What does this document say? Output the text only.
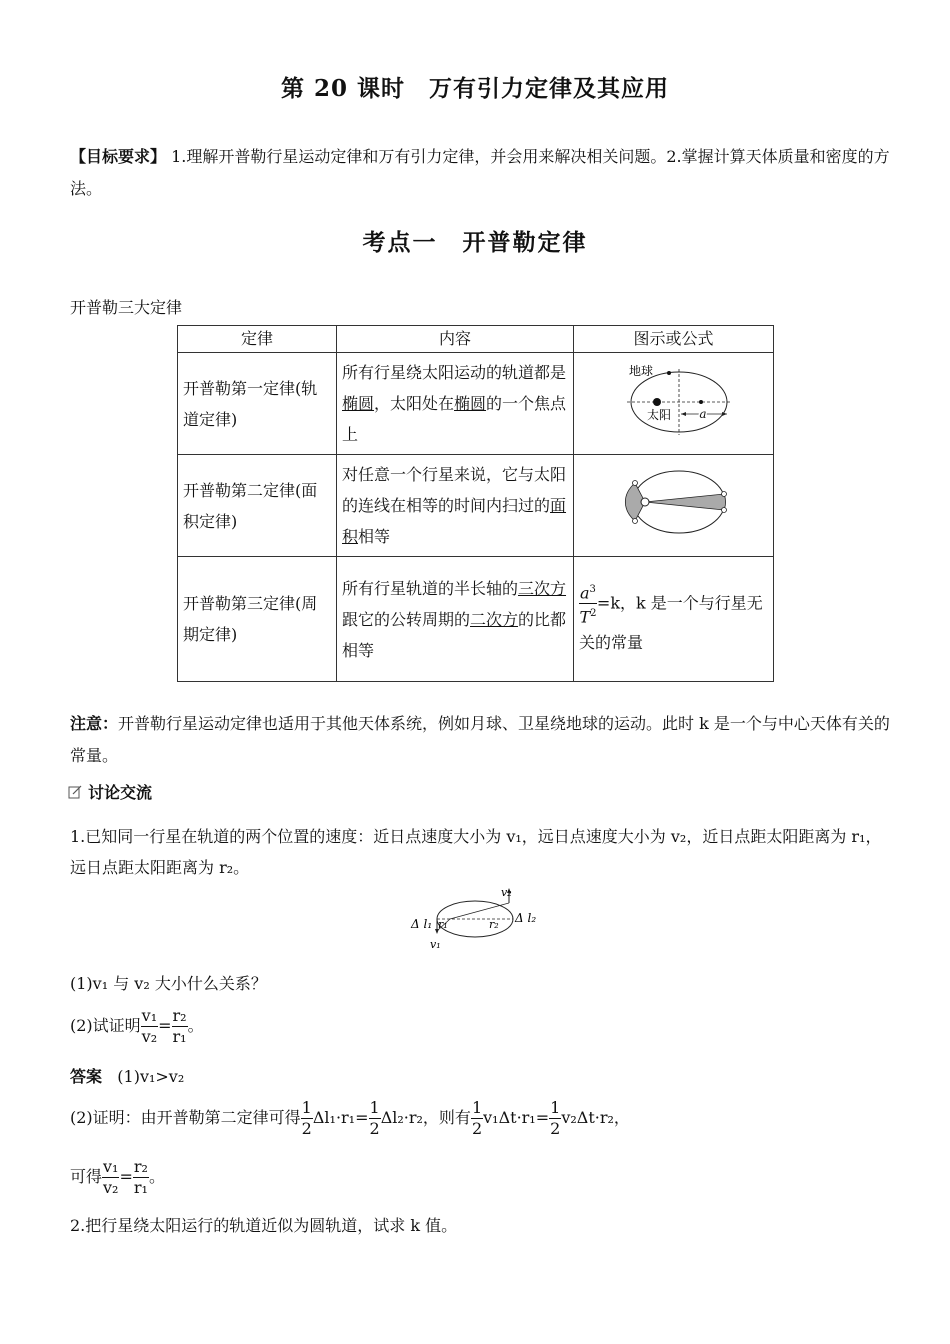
第 20 课时　万有引力定律及其应用
【目标要求】 1.理解开普勒行星运动定律和万有引力定律，并会用来解决相关问题。2.掌握计算天体质量和密度的方法。
考点一　开普勒定律
开普勒三大定律
定律	内容	图示或公式
开普勒第一定律(轨道定律)	所有行星绕太阳运动的轨道都是椭圆，太阳处在椭圆的一个焦点上	地球
太阳 a

开普勒第二定律(面积定律)	对任意一个行星来说，它与太阳的连线在相等的时间内扫过的面积相等	
开普勒第三定律(周期定律)	所有行星轨道的半长轴的三次方跟它的公转周期的二次方的比都相等	$\frac{a^3}{T^2} =k$，k 是一个与行星无关的常量
注意：开普勒行星运动定律也适用于其他天体系统，例如月球、卫星绕地球的运动。此时 k 是一个与中心天体有关的常量。
讨论交流
1.已知同一行星在轨道的两个位置的速度：近日点速度大小为 v₁，远日点速度大小为 v₂，近日点距太阳距离为 r₁，远日点距太阳距离为 r₂。
v₂
v₁
Δ l₁	Δ l₂
r₁	r₂
(1)v₁ 与 v₂ 大小什么关系？
(2)试证明 $\frac{\text{v₁}}{\text{v₂}} = \frac{\text{r₂}}{\text{r₁}}$ 。
答案 (1)v₁>v₂
(2)证明：由开普勒第二定律可得 $\frac{1}{2} \Delta l_1\cdot r_1= \frac{1}{2} \Delta l_2\cdot r_2$，则有 $\frac{1}{2} v_1\Delta t\cdot r_1= \frac{1}{2} v_2\Delta t\cdot r_2$，
可得 $\frac{\text{v₁}}{\text{v₂}} = \frac{\text{r₂}}{\text{r₁}}$ 。
2.把行星绕太阳运行的轨道近似为圆轨道，试求 k 值。
